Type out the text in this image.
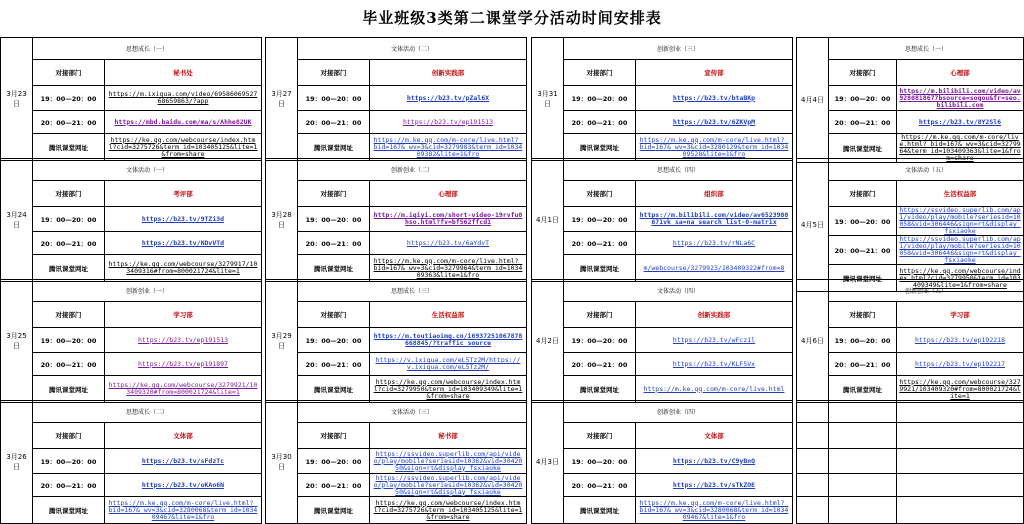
毕业班级3类第二课堂学分活动时间安排表
3月23日	思想成长（一）	
	对接部门	秘书处
	19：00—20：00	https://m.ixigua.com/video/6958606952768659863/?app
	20：00—21：00	https://mbd.baidu.com/ma/s/Ahhe82UK
	腾讯课堂网址	https://ke.qq.com/webcourse/index.html?cid=3275726&term_id=103405125&lite=1&from=share
3月24日	文体活动（一）	
	对接部门	考评部
	19：00—20：00	https://b23.tv/9TZi3d
	20：00—21：00	https://b23.tv/NDvVTd
	腾讯课堂网址	https://ke.qq.com/webcourse/3279917/103409316#from=800021724&lite=1
3月25日	创新创业（一）	
	对接部门	学习部
	19：00—20：00	https://b23.tv/ep191513
	20：00—21：00	https://b23.tv/ep191897
	腾讯课堂网址	https://ke.qq.com/webcourse/3279921/103409320#from=800021724&lite=1
3月26日	思想成长（二）	
	对接部门	文体部
	19：00—20：00	https://b23.tv/sFdzTc
	20：00—21：00	https://b23.tv/oKAo6N
	腾讯课堂网址	https://m.ke.qq.com/m-core/live.html?_bid=167&_wv=3&cid=3280068&term_id=103409467&lite=1&fro
3月27日	文体活动（二）	
	对接部门	创新实践部
	19：00—20：00	https://b23.tv/pZal6X
	20：00—21：00	https://b23.tv/ep191513
	腾讯课堂网址	https://m.ke.qq.com/m-core/live.html?_bid=167&_wv=3&cid=3279983&term_id=103409382&lite=1&fro
3月28日	创新创业（二）	
	对接部门	心理部
	19：00—20：00	http://m.iqiyi.com/short-video-19rvfu0hso.html?fv=bf562ffcd1
	20：00—21：00	https://b23.tv/6aYdvT
	腾讯课堂网址	https://m.ke.qq.com/m-core/live.html?_bid=167&_wv=3&cid=3279964&term_id=103409363&lite=1&fro
3月29日	思想成长（三）	
	对接部门	生活权益部
	19：00—20：00	https://m.toutiaoimg.cn/i6937251067878668845/?traffic_source
	20：00—21：00	https://v.ixigua.com/eL5Tz2M/https://v.ixigua.com/eL5Tz2M/
	腾讯课堂网址	https://ke.qq.com/webcourse/index.html?cid=3279950&term_id=103409349&lite=1&from=share
3月30日	文体活动（三）	
	对接部门	秘书部
	19：00—20：00	https://ssvideo.superlib.com/api/video/play/mobile?seriesid=10362&vid=3042050&sign=rt&display_fsxiaoke
	20：00—21：00	https://ssvideo.superlib.com/api/video/play/mobile?seriesid=10362&vid=3042050&sign=rt&display_fsxiaoke
	腾讯课堂网址	https://ke.qq.com/webcourse/index.html?cid=3275726&term_id=103405125&lite=1&from=share
3月31日	创新创业（三）	
	对接部门	宣传部
	19：00—20：00	https://b23.tv/btaBKp
	20：00—21：00	https://b23.tv/6ZKVpM
	腾讯课堂网址	https://m.ke.qq.com/m-core/live.html?_bid=167&_wv=3&cid=3280129&term_id=103409528&lite=1&fro
4月1日	思想成长（四）	
	对接部门	组织部
	19：00—20：00	https://m.bilibili.com/video/av6523980671vk_sa=na_search_list-0-matrix
	20：00—21：00	https://b23.tv/rNLa6C
	腾讯课堂网址	m/webcourse/3279923/103409322#from=8
4月2日	文体活动（四）	
	对接部门	创新实践部
	19：00—20：00	https://b23.tv/wFcz1l
	20：00—21：00	https://b23.tv/KLF5Vx
	腾讯课堂网址	https://m.ke.qq.com/m-core/live.html
4月3日	创新创业（四）	
	对接部门	文体部
	19：00—20：00	https://b23.tv/C9yBnQ
	20：00—21：00	https://b23.tv/sTkZOE
	腾讯课堂网址	https://m.ke.qq.com/m-core/live.html?_bid=167&_wv=3&cid=3280068&term_id=103409467&lite=1&fro
4月4日	思想成长（一）	
	对接部门	心理部
	19：00—20：00	https://m.bilibili.com/video/av9280818677bsource=sogou&fr=seo.bilibili.com
	20：00—21：00	https://b23.tv/8Y2Sl6
	腾讯课堂网址	https://m.ke.qq.com/m-core/live.html?_bid=167&_wv=3&cid=3279964&term_id=103409363&lite=1&from=share
4月5日	文体活动（五）	
	对接部门	生活权益部
	19：00—20：00	https://ssvideo.superlib.com/api/video/play/mobile?seriesid=10058&vid=306446&sign=rt&display_fsxiaoke
	20：00—21：00	https://ssvideo.superlib.com/api/video/play/mobile?seriesid=10058&vid=306446&sign=rt&display_fsxiaoke
	腾讯课堂网址	https://ke.qq.com/webcourse/index.html?cid=3279950&term_id=103409349&lite=1&from=share
4月6日	创新创业（五）	
	对接部门	学习部
	19：00—20：00	https://b23.tv/ep192218
	20：00—21：00	https://b23.tv/ep192217
	腾讯课堂网址	https://ke.qq.com/webcourse/3279921/103409320#from=800021724&lite=1
